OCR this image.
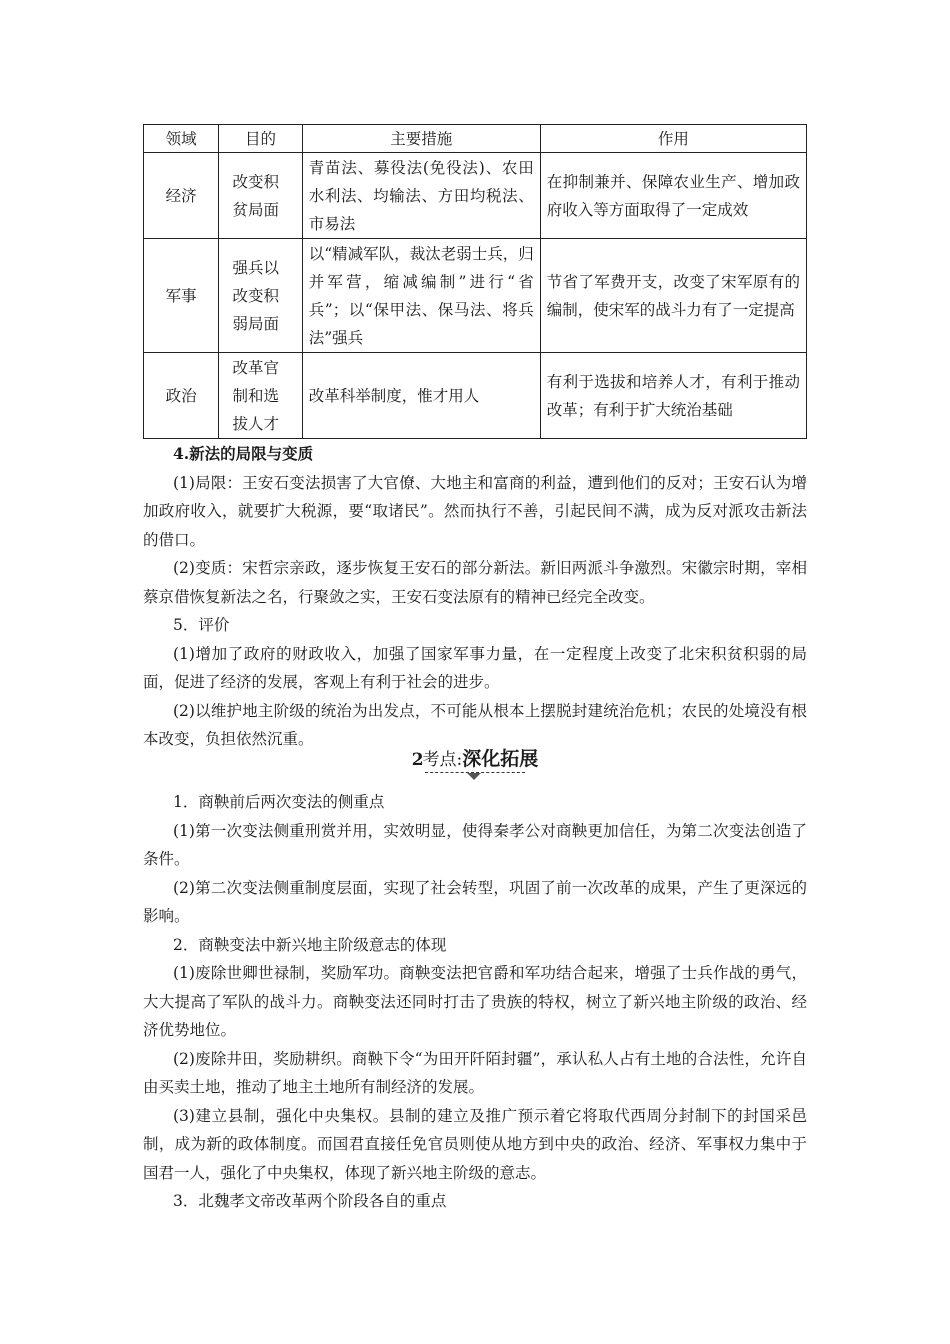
领域	目的	主要措施	作用
经济	改变积贫局面	青苗法、募役法(免役法)、农田水利法、均输法、方田均税法、市易法	在抑制兼并、保障农业生产、增加政府收入等方面取得了一定成效
军事	强兵以改变积弱局面	以“精减军队，裁汰老弱士兵，归并军营，缩减编制”进行“省兵”；以“保甲法、保马法、将兵法”强兵	节省了军费开支，改变了宋军原有的编制，使宋军的战斗力有了一定提高
政治	改革官制和选拔人才	改革科举制度，惟才用人	有利于选拔和培养人才，有利于推动改革；有利于扩大统治基础

4.新法的局限与变质

(1)局限：王安石变法损害了大官僚、大地主和富商的利益，遭到他们的反对；王安石认为增加政府收入，就要扩大税源，要“取诸民”。然而执行不善，引起民间不满，成为反对派攻击新法的借口。

(2)变质：宋哲宗亲政，逐步恢复王安石的部分新法。新旧两派斗争激烈。宋徽宗时期，宰相蔡京借恢复新法之名，行聚敛之实，王安石变法原有的精神已经完全改变。

5．评价

(1)增加了政府的财政收入，加强了国家军事力量，在一定程度上改变了北宋积贫积弱的局面，促进了经济的发展，客观上有利于社会的进步。

(2)以维护地主阶级的统治为出发点，不可能从根本上摆脱封建统治危机；农民的处境没有根本改变，负担依然沉重。

2考点:深化拓展

1．商鞅前后两次变法的侧重点

(1)第一次变法侧重刑赏并用，实效明显，使得秦孝公对商鞅更加信任，为第二次变法创造了条件。

(2)第二次变法侧重制度层面，实现了社会转型，巩固了前一次改革的成果，产生了更深远的影响。

2．商鞅变法中新兴地主阶级意志的体现

(1)废除世卿世禄制，奖励军功。商鞅变法把官爵和军功结合起来，增强了士兵作战的勇气，大大提高了军队的战斗力。商鞅变法还同时打击了贵族的特权，树立了新兴地主阶级的政治、经济优势地位。

(2)废除井田，奖励耕织。商鞅下令“为田开阡陌封疆”，承认私人占有土地的合法性，允许自由买卖土地，推动了地主土地所有制经济的发展。

(3)建立县制，强化中央集权。县制的建立及推广预示着它将取代西周分封制下的封国采邑制，成为新的政体制度。而国君直接任免官员则使从地方到中央的政治、经济、军事权力集中于国君一人，强化了中央集权，体现了新兴地主阶级的意志。

3．北魏孝文帝改革两个阶段各自的重点
